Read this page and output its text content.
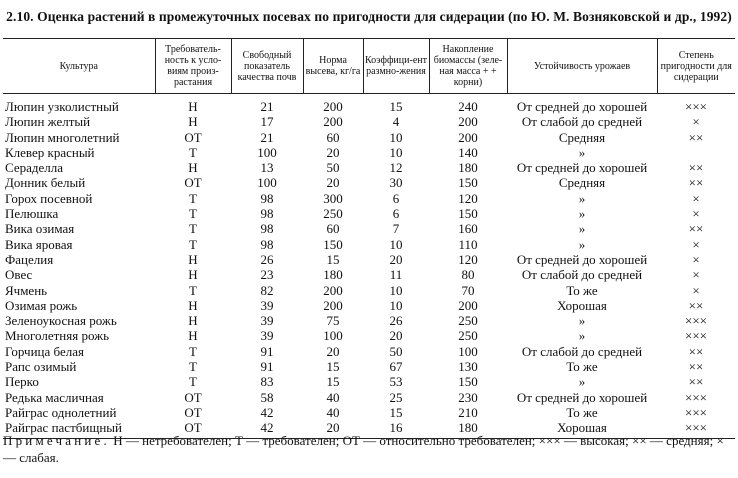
2.10. Оценка растений в промежуточных посевах по пригодности для сидерации (по Ю. М. Возняковской и др., 1992)
Культура	Требователь-ность к усло-виям произ-растания	Свободный показатель качества почв	Норма высева, кг/га	Коэффици-ент размно-жения	Накопление биомассы (зеле-ная масса + + корни)	Устойчивость урожаев	Степень пригодности для сидерации
Люпин узколистный	Н	21	200	15	240	От средней до хорошей	×××
Люпин желтый	Н	17	200	4	200	От слабой до средней	×
Люпин многолетний	ОТ	21	60	10	200	Средняя	××
Клевер красный	Т	100	20	10	140	»	
Сераделла	Н	13	50	12	180	От средней до хорошей	××
Донник белый	ОТ	100	20	30	150	Средняя	××
Горох посевной	Т	98	300	6	120	»	×
Пелюшка	Т	98	250	6	150	»	×
Вика озимая	Т	98	60	7	160	»	××
Вика яровая	Т	98	150	10	110	»	×
Фацелия	Н	26	15	20	120	От средней до хорошей	×
Овес	Н	23	180	11	80	От слабой до средней	×
Ячмень	Т	82	200	10	70	То же	×
Озимая рожь	Н	39	200	10	200	Хорошая	××
Зеленоукосная рожь	Н	39	75	26	250	»	×××
Многолетняя рожь	Н	39	100	20	250	»	×××
Горчица белая	Т	91	20	50	100	От слабой до средней	××
Рапс озимый	Т	91	15	67	130	То же	××
Перко	Т	83	15	53	150	»	××
Редька масличная	ОТ	58	40	25	230	От средней до хорошей	×××
Райграс однолетний	ОТ	42	40	15	210	То же	×××
Райграс пастбищный	ОТ	42	20	16	180	Хорошая	×××
Примечание. Н — нетребователен; Т — требователен; ОТ — относительно требователен; ××× — высокая; ×× — средняя; × — слабая.
